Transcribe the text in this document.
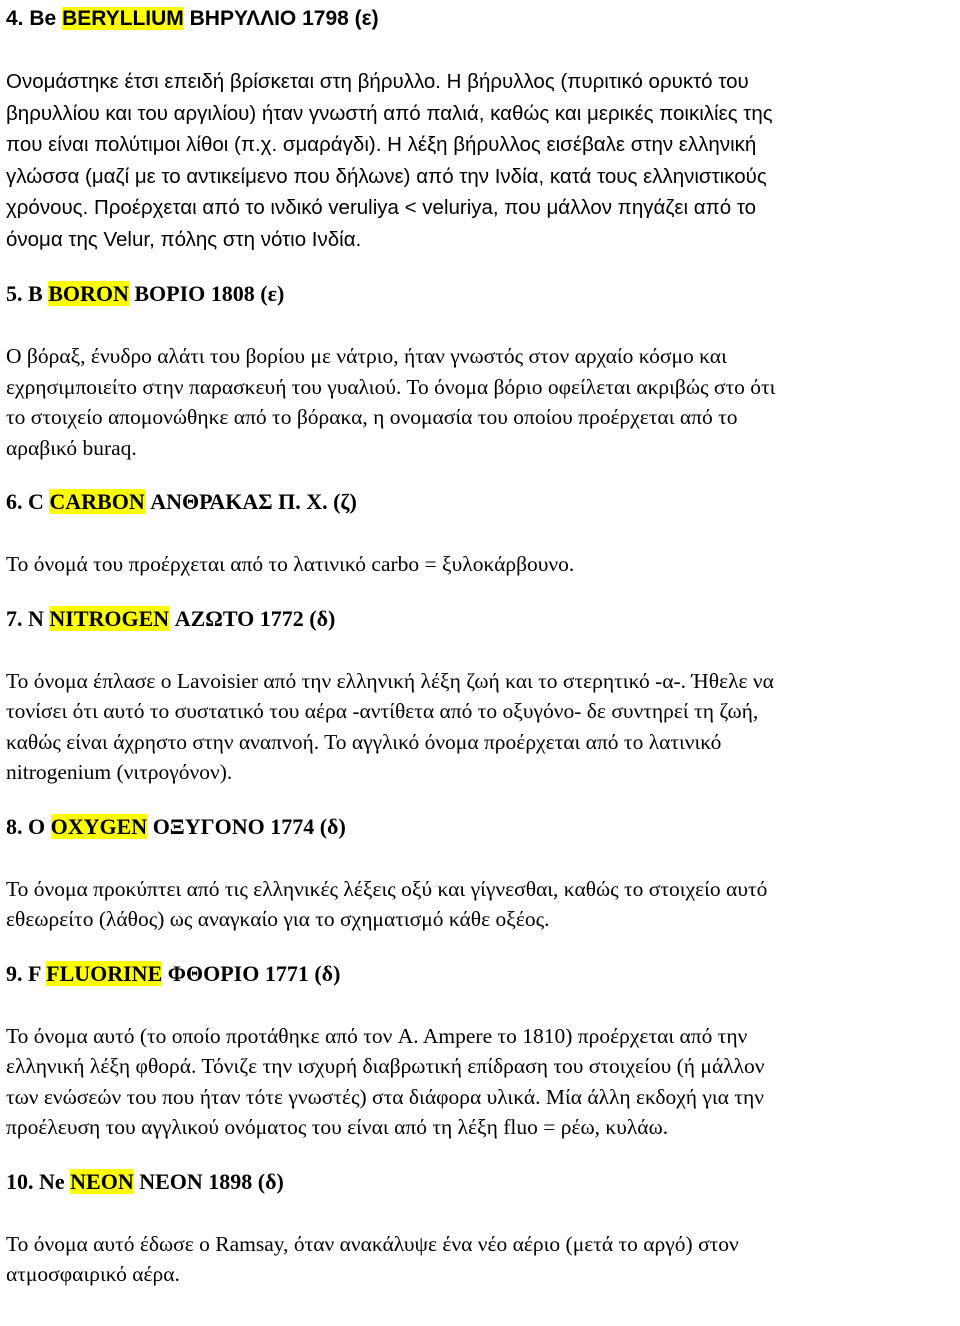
4. Be BERYLLIUM ΒΗΡΥΛΛΙΟ 1798 (ε)

Ονομάστηκε έτσι επειδή βρίσκεται στη βήρυλλο. Η βήρυλλος (πυριτικό ορυκτό του
βηρυλλίου και του αργιλίου) ήταν γνωστή από παλιά, καθώς και μερικές ποικιλίες της
που είναι πολύτιμοι λίθοι (π.χ. σμαράγδι). Η λέξη βήρυλλος εισέβαλε στην ελληνική
γλώσσα (μαζί με το αντικείμενο που δήλωνε) από την Ινδία, κατά τους ελληνιστικούς
χρόνους. Προέρχεται από το ινδικό veruliya < veluriya, που μάλλον πηγάζει από το
όνομα της Velur, πόλης στη νότιο Ινδία.

5. B BORON ΒΟΡΙΟ 1808 (ε)

Ο βόραξ, ένυδρο αλάτι του βορίου με νάτριο, ήταν γνωστός στον αρχαίο κόσμο και
εχρησιμποιείτο στην παρασκευή του γυαλιού. Το όνομα βόριο οφείλεται ακριβώς στο ότι
το στοιχείο απομονώθηκε από το βόρακα, η ονομασία του οποίου προέρχεται από το
αραβικό buraq.

6. C CARBON ΑΝΘΡΑΚΑΣ Π. Χ. (ζ)

Το όνομά του προέρχεται από το λατινικό carbo = ξυλοκάρβουνο.

7. N NITROGEN ΑΖΩΤΟ 1772 (δ)

Το όνομα έπλασε ο Lavoisier από την ελληνική λέξη ζωή και το στερητικό -α-. Ήθελε να
τονίσει ότι αυτό το συστατικό του αέρα -αντίθετα από το οξυγόνο- δε συντηρεί τη ζωή,
καθώς είναι άχρηστο στην αναπνοή. Το αγγλικό όνομα προέρχεται από το λατινικό
nitrogenium (νιτρογόνον).

8. O OXYGEN ΟΞΥΓΟΝΟ 1774 (δ)

Το όνομα προκύπτει από τις ελληνικές λέξεις οξύ και γίγνεσθαι, καθώς το στοιχείο αυτό
εθεωρείτο (λάθος) ως αναγκαίο για το σχηματισμό κάθε οξέος.

9. F FLUORINE ΦΘΟΡΙΟ 1771 (δ)

Το όνομα αυτό (το οποίο προτάθηκε από τον A. Ampere το 1810) προέρχεται από την
ελληνική λέξη φθορά. Τόνιζε την ισχυρή διαβρωτική επίδραση του στοιχείου (ή μάλλον
των ενώσεών του που ήταν τότε γνωστές) στα διάφορα υλικά. Μία άλλη εκδοχή για την
προέλευση του αγγλικού ονόματος του είναι από τη λέξη fluo = ρέω, κυλάω.

10. Ne NEON ΝΕΟΝ 1898 (δ)

Το όνομα αυτό έδωσε ο Ramsay, όταν ανακάλυψε ένα νέο αέριο (μετά το αργό) στον
ατμοσφαιρικό αέρα.
